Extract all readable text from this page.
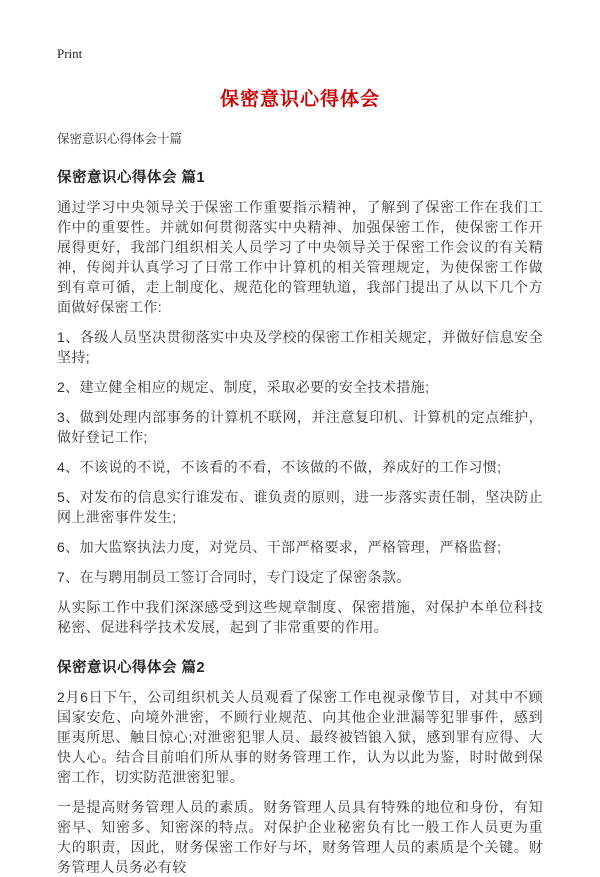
Print
保密意识心得体会

保密意识心得体会十篇

保密意识心得体会 篇1

通过学习中央领导关于保密工作重要指示精神，了解到了保密工作在我们工作中的重要性。并就如何贯彻落实中央精神、加强保密工作，使保密工作开展得更好，我部门组织相关人员学习了中央领导关于保密工作会议的有关精神，传阅并认真学习了日常工作中计算机的相关管理规定，为使保密工作做到有章可循，走上制度化、规范化的管理轨道，我部门提出了从以下几个方面做好保密工作:

1、各级人员坚决贯彻落实中央及学校的保密工作相关规定，并做好信息安全坚持;

2、建立健全相应的规定、制度，采取必要的安全技术措施;

3、做到处理内部事务的计算机不联网，并注意复印机、计算机的定点维护，做好登记工作;

4、不该说的不说，不该看的不看，不该做的不做，养成好的工作习惯;

5、对发布的信息实行谁发布、谁负责的原则，进一步落实责任制，坚决防止网上泄密事件发生;

6、加大监察执法力度，对党员、干部严格要求，严格管理，严格监督;

7、在与聘用制员工签订合同时，专门设定了保密条款。

从实际工作中我们深深感受到这些规章制度、保密措施，对保护本单位科技秘密、促进科学技术发展，起到了非常重要的作用。

保密意识心得体会 篇2

2月6日下午，公司组织机关人员观看了保密工作电视录像节目，对其中不顾国家安危、向境外泄密，不顾行业规范、向其他企业泄漏等犯罪事件，感到匪夷所思、触目惊心;对泄密犯罪人员、最终被铛锒入狱，感到罪有应得、大快人心。结合目前咱们所从事的财务管理工作，认为以此为鉴，时时做到保密工作，切实防范泄密犯罪。

一是提高财务管理人员的素质。财务管理人员具有特殊的地位和身份，有知密早、知密多、知密深的特点。对保护企业秘密负有比一般工作人员更为重大的职责，因此，财务保密工作好与坏，财务管理人员的素质是个关键。财务管理人员务必有较
